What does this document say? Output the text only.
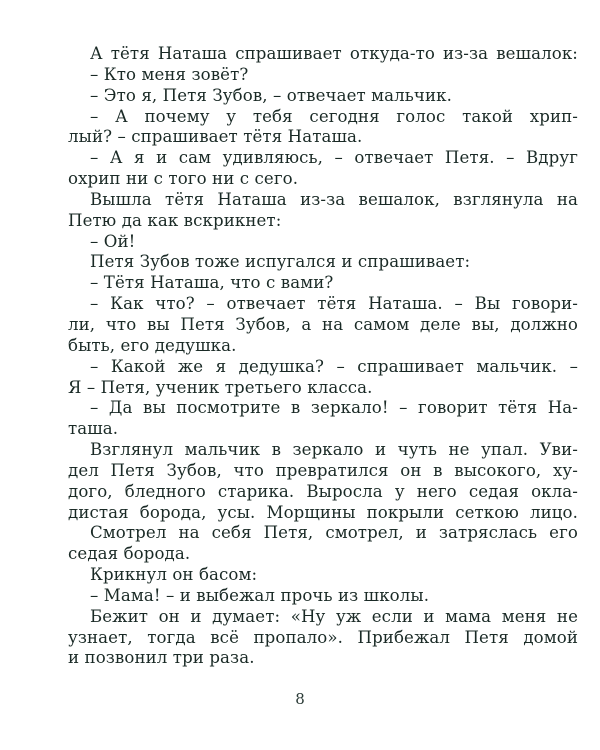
А тётя Наташа спрашивает откуда-то из-за вешалок:
– Кто меня зовёт?
– Это я, Петя Зубов, – отвечает мальчик.
– А почему у тебя сегодня голос такой хрип-
лый? – спрашивает тётя Наташа.
– А я и сам удивляюсь, – отвечает Петя. – Вдруг
охрип ни с того ни с сего.
Вышла тётя Наташа из-за вешалок, взглянула на
Петю да как вскрикнет:
– Ой!
Петя Зубов тоже испугался и спрашивает:
– Тётя Наташа, что с вами?
– Как что? – отвечает тётя Наташа. – Вы говори-
ли, что вы Петя Зубов, а на самом деле вы, должно
быть, его дедушка.
– Какой же я дедушка? – спрашивает мальчик. –
Я – Петя, ученик третьего класса.
– Да вы посмотрите в зеркало! – говорит тётя На-
таша.
Взглянул мальчик в зеркало и чуть не упал. Уви-
дел Петя Зубов, что превратился он в высокого, ху-
дого, бледного старика. Выросла у него седая окла-
дистая борода, усы. Морщины покрыли сеткою лицо.
Смотрел на себя Петя, смотрел, и затряслась его
седая борода.
Крикнул он басом:
– Мама! – и выбежал прочь из школы.
Бежит он и думает: «Ну уж если и мама меня не
узнает, тогда всё пропало». Прибежал Петя домой
и позвонил три раза.
8
